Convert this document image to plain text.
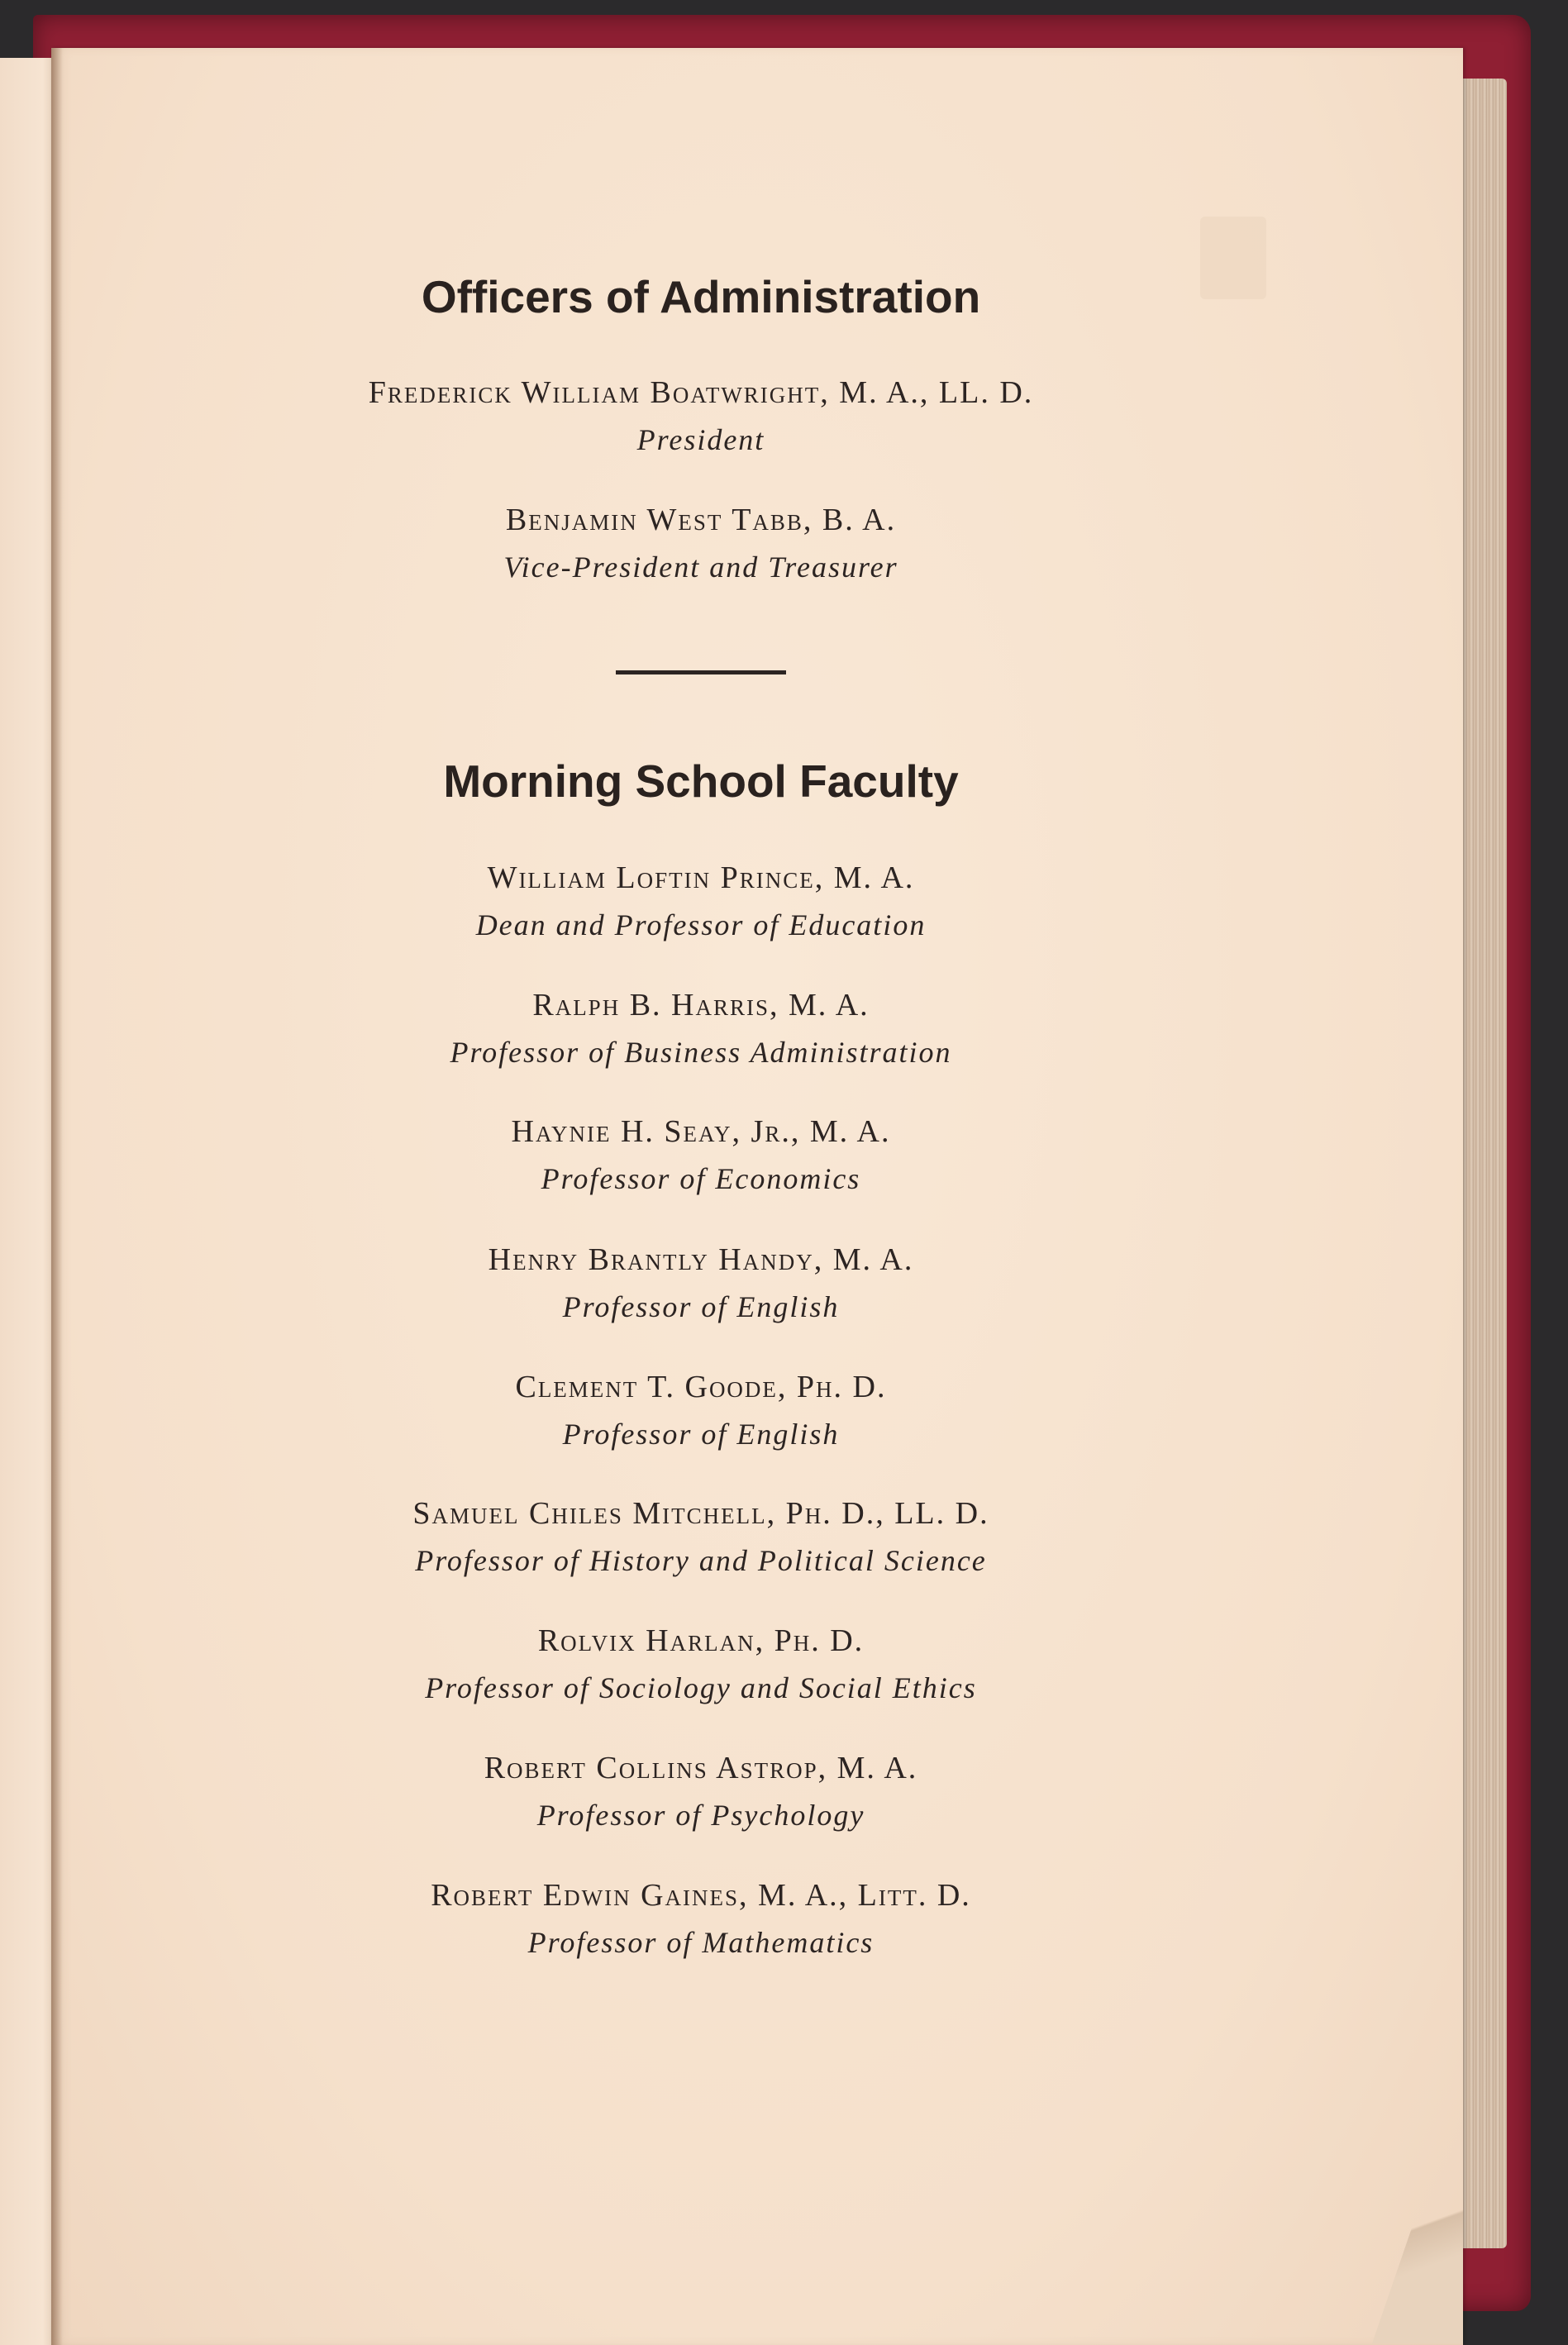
Officers of Administration
Frederick William Boatwright, M. A., LL. D.
President
Benjamin West Tabb, B. A.
Vice-President and Treasurer
Morning School Faculty
William Loftin Prince, M. A.
Dean and Professor of Education
Ralph B. Harris, M. A.
Professor of Business Administration
Haynie H. Seay, Jr., M. A.
Professor of Economics
Henry Brantly Handy, M. A.
Professor of English
Clement T. Goode, Ph. D.
Professor of English
Samuel Chiles Mitchell, Ph. D., LL. D.
Professor of History and Political Science
Rolvix Harlan, Ph. D.
Professor of Sociology and Social Ethics
Robert Collins Astrop, M. A.
Professor of Psychology
Robert Edwin Gaines, M. A., Litt. D.
Professor of Mathematics
